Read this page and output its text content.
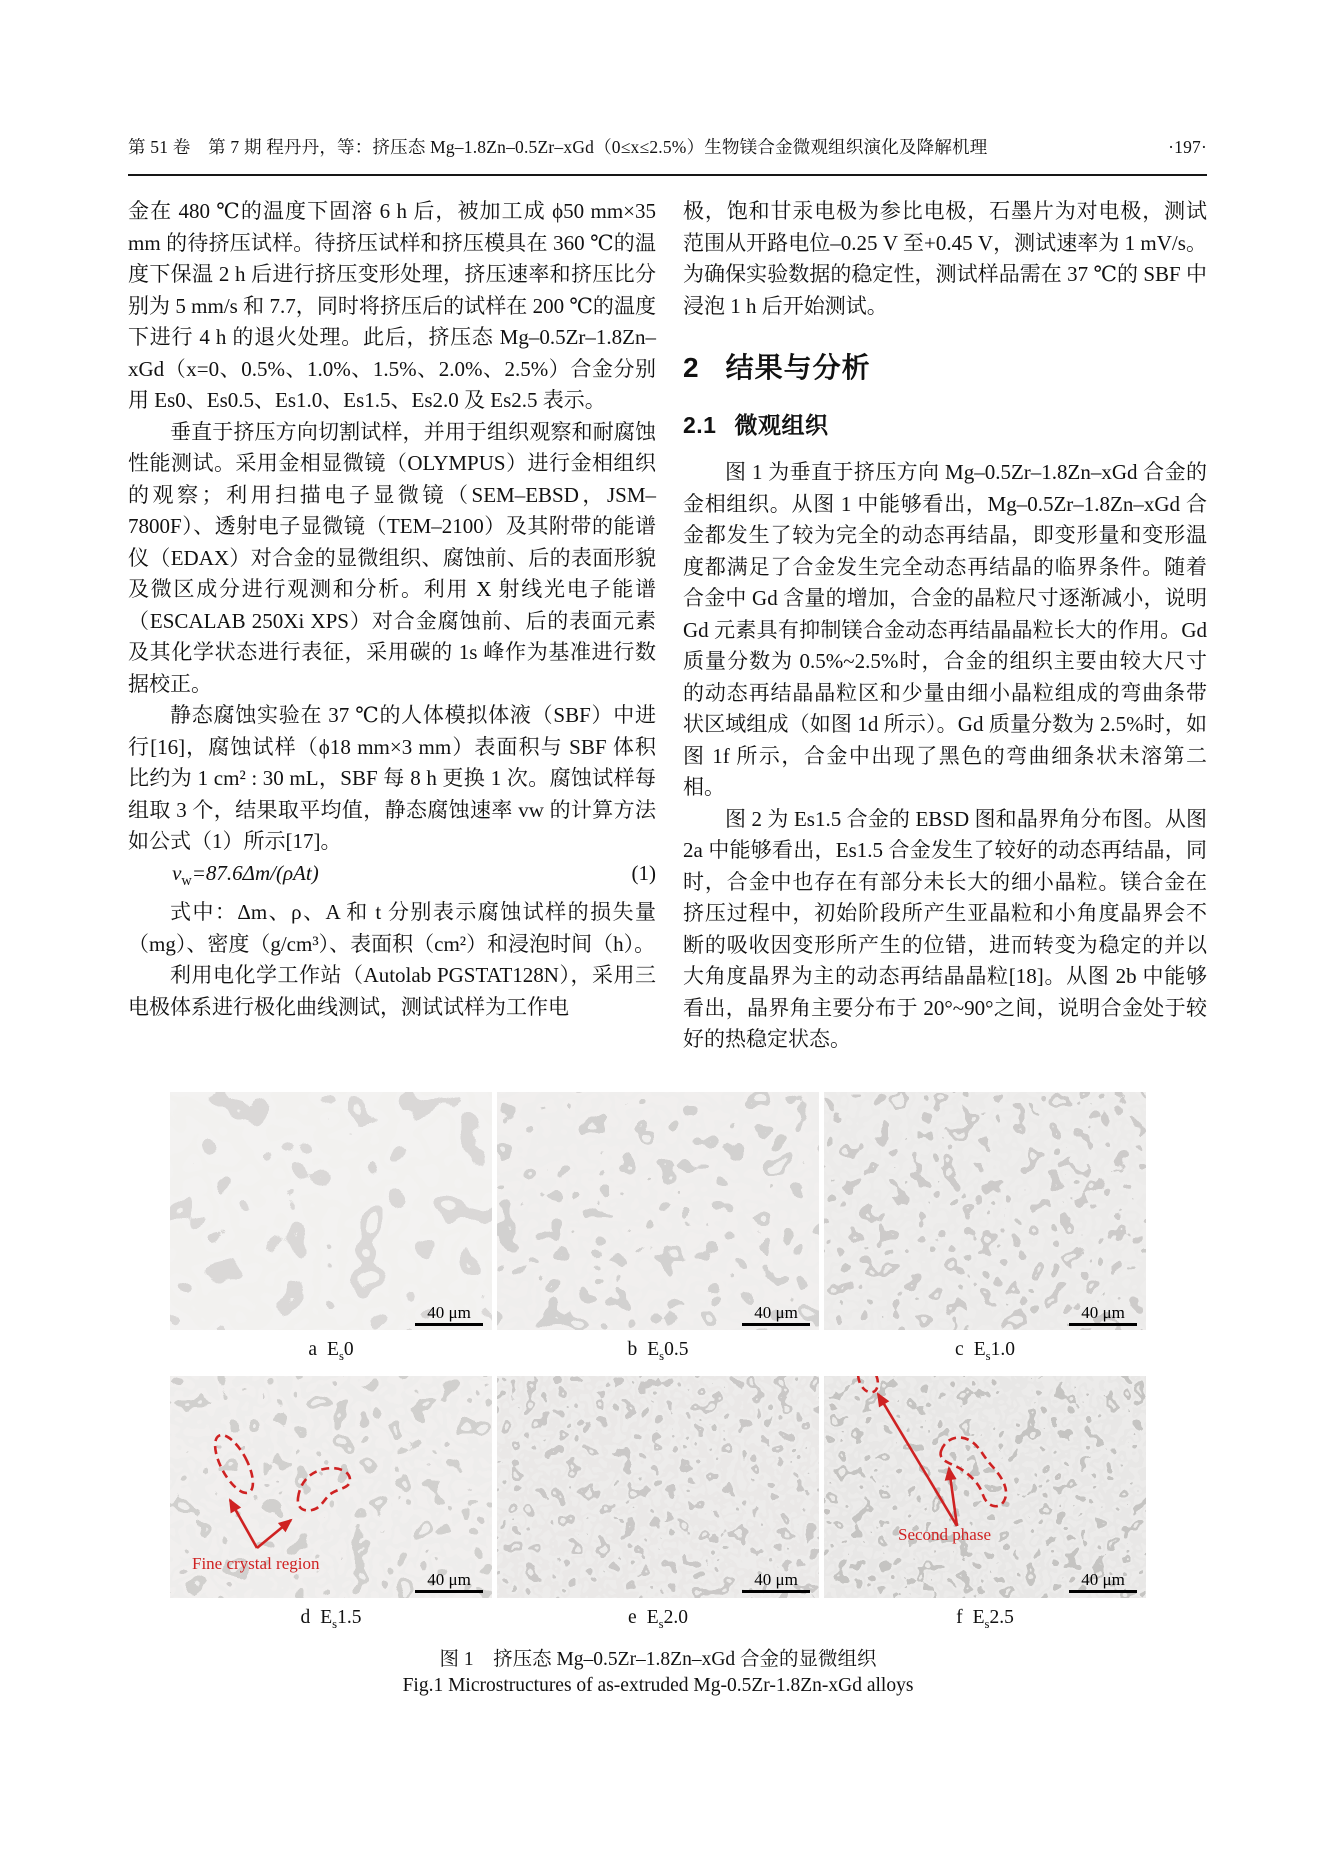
第 51 卷　第 7 期 程丹丹，等：挤压态 Mg–1.8Zn–0.5Zr–xGd（0≤x≤2.5%）生物镁合金微观组织演化及降解机理	·197·

金在 480 ℃的温度下固溶 6 h 后，被加工成 ϕ50 mm×35 mm 的待挤压试样。待挤压试样和挤压模具在 360 ℃的温度下保温 2 h 后进行挤压变形处理，挤压速率和挤压比分别为 5 mm/s 和 7.7，同时将挤压后的试样在 200 ℃的温度下进行 4 h 的退火处理。此后，挤压态 Mg–0.5Zr–1.8Zn–xGd（x=0、0.5%、1.0%、1.5%、2.0%、2.5%）合金分别用 Es0、Es0.5、Es1.0、Es1.5、Es2.0 及 Es2.5 表示。

垂直于挤压方向切割试样，并用于组织观察和耐腐蚀性能测试。采用金相显微镜（OLYMPUS）进行金相组织的观察；利用扫描电子显微镜（SEM–EBSD，JSM–7800F）、透射电子显微镜（TEM–2100）及其附带的能谱仪（EDAX）对合金的显微组织、腐蚀前、后的表面形貌及微区成分进行观测和分析。利用 X 射线光电子能谱（ESCALAB 250Xi XPS）对合金腐蚀前、后的表面元素及其化学状态进行表征，采用碳的 1s 峰作为基准进行数据校正。

静态腐蚀实验在 37 ℃的人体模拟体液（SBF）中进行[16]，腐蚀试样（ϕ18 mm×3 mm）表面积与 SBF 体积比约为 1 cm² : 30 mL，SBF 每 8 h 更换 1 次。腐蚀试样每组取 3 个，结果取平均值，静态腐蚀速率 vw 的计算方法如公式（1）所示[17]。

$v_w=87.6\Delta m/(\rho At)$	(1)

式中：Δm、ρ、A 和 t 分别表示腐蚀试样的损失量（mg）、密度（g/cm³）、表面积（cm²）和浸泡时间（h）。

利用电化学工作站（Autolab PGSTAT128N），采用三电极体系进行极化曲线测试，测试试样为工作电

极，饱和甘汞电极为参比电极，石墨片为对电极，测试范围从开路电位–0.25 V 至+0.45 V，测试速率为 1 mV/s。为确保实验数据的稳定性，测试样品需在 37 ℃的 SBF 中浸泡 1 h 后开始测试。

2 结果与分析
2.1 微观组织

图 1 为垂直于挤压方向 Mg–0.5Zr–1.8Zn–xGd 合金的金相组织。从图 1 中能够看出，Mg–0.5Zr–1.8Zn–xGd 合金都发生了较为完全的动态再结晶，即变形量和变形温度都满足了合金发生完全动态再结晶的临界条件。随着合金中 Gd 含量的增加，合金的晶粒尺寸逐渐减小，说明 Gd 元素具有抑制镁合金动态再结晶晶粒长大的作用。Gd 质量分数为 0.5%~2.5%时，合金的组织主要由较大尺寸的动态再结晶晶粒区和少量由细小晶粒组成的弯曲条带状区域组成（如图 1d 所示）。Gd 质量分数为 2.5%时，如图 1f 所示，合金中出现了黑色的弯曲细条状未溶第二相。

图 2 为 Es1.5 合金的 EBSD 图和晶界角分布图。从图 2a 中能够看出，Es1.5 合金发生了较好的动态再结晶，同时，合金中也存在有部分未长大的细小晶粒。镁合金在挤压过程中，初始阶段所产生亚晶粒和小角度晶界会不断的吸收因变形所产生的位错，进而转变为稳定的并以大角度晶界为主的动态再结晶晶粒[18]。从图 2b 中能够看出，晶界角主要分布于 20°~90°之间，说明合金处于较好的热稳定状态。

40 μm	40 μm	40 μm
a $E_s0$	b $E_s0.5$	c $E_s1.0$
Fine crystal region
40 μm	40 μm
Second phase
40 μm
d $E_s1.5$	e $E_s2.0$	f $E_s2.5$
图 1　挤压态 Mg–0.5Zr–1.8Zn–xGd 合金的显微组织
Fig.1 Microstructures of as-extruded Mg-0.5Zr-1.8Zn-xGd alloys
